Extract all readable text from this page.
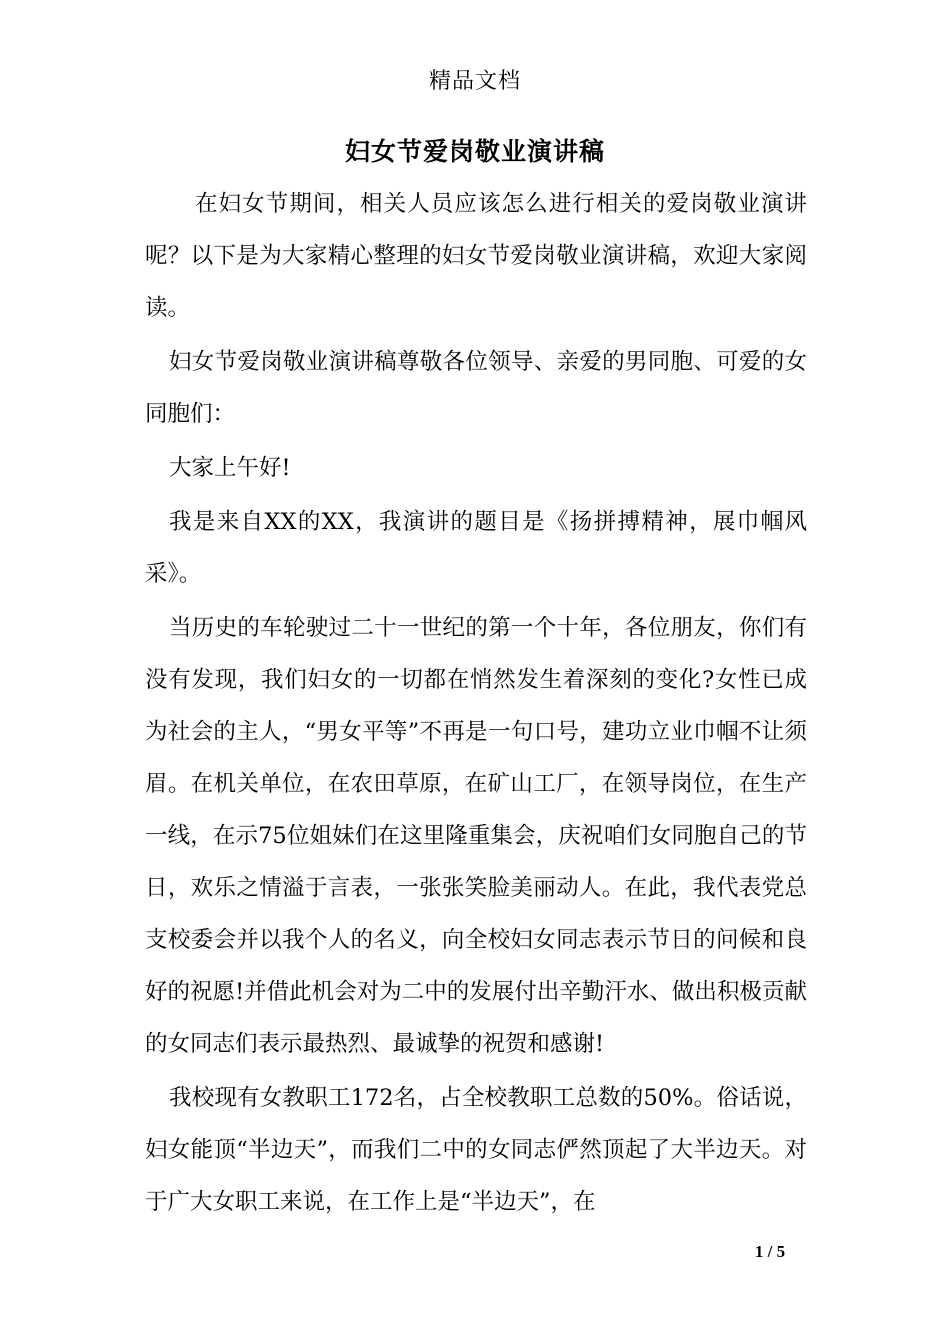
精品文档
妇女节爱岗敬业演讲稿

在妇女节期间，相关人员应该怎么进行相关的爱岗敬业演讲呢？以下是为大家精心整理的妇女节爱岗敬业演讲稿，欢迎大家阅读。

妇女节爱岗敬业演讲稿尊敬各位领导、亲爱的男同胞、可爱的女同胞们：

大家上午好!

我是来自XX的XX，我演讲的题目是《扬拼搏精神，展巾帼风采》。

当历史的车轮驶过二十一世纪的第一个十年，各位朋友，你们有没有发现，我们妇女的一切都在悄然发生着深刻的变化?女性已成为社会的主人，“男女平等”不再是一句口号，建功立业巾帼不让须眉。在机关单位，在农田草原，在矿山工厂，在领导岗位，在生产一线，在示75位姐妹们在这里隆重集会，庆祝咱们女同胞自己的节日，欢乐之情溢于言表，一张张笑脸美丽动人。在此，我代表党总支校委会并以我个人的名义，向全校妇女同志表示节日的问候和良好的祝愿!并借此机会对为二中的发展付出辛勤汗水、做出积极贡献的女同志们表示最热烈、最诚挚的祝贺和感谢!

我校现有女教职工172名，占全校教职工总数的50%。俗话说，妇女能顶“半边天”，而我们二中的女同志俨然顶起了大半边天。对于广大女职工来说，在工作上是“半边天”，在

1 / 5
